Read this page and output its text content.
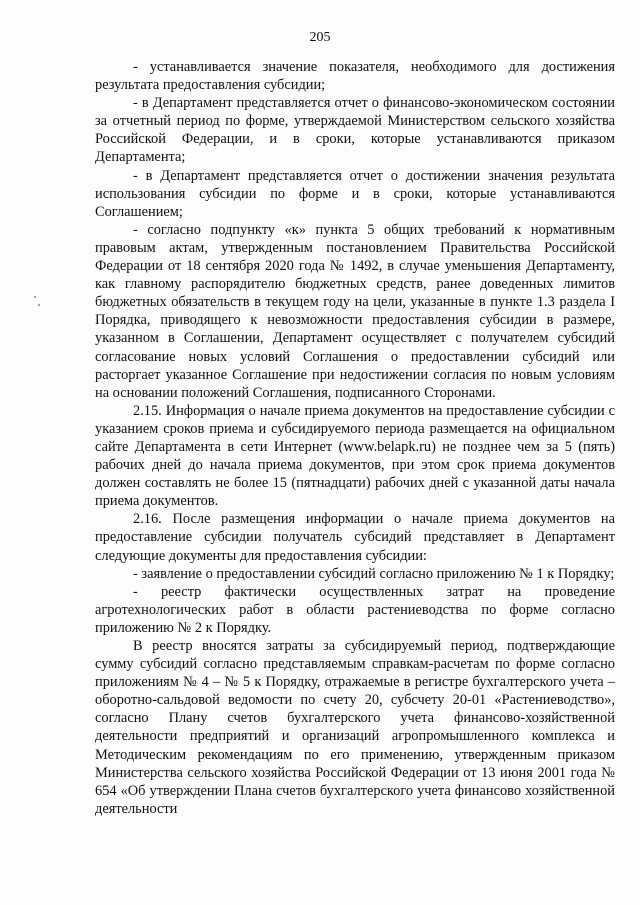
205

- устанавливается значение показателя, необходимого для достижения результата предоставления субсидии;

- в Департамент представляется отчет о финансово-экономическом состоянии за отчетный период по форме, утверждаемой Министерством сельского хозяйства Российской Федерации, и в сроки, которые устанавливаются приказом Департамента;

- в Департамент представляется отчет о достижении значения результата использования субсидии по форме и в сроки, которые устанавливаются Соглашением;

- согласно подпункту «к» пункта 5 общих требований к нормативным правовым актам, утвержденным постановлением Правительства Российской Федерации от 18 сентября 2020 года № 1492, в случае уменьшения Департаменту, как главному распорядителю бюджетных средств, ранее доведенных лимитов бюджетных обязательств в текущем году на цели, указанные в пункте 1.3 раздела I Порядка, приводящего к невозможности предоставления субсидии в размере, указанном в Соглашении, Департамент осуществляет с получателем субсидий согласование новых условий Соглашения о предоставлении субсидий или расторгает указанное Соглашение при недостижении согласия по новым условиям на основании положений Соглашения, подписанного Сторонами.

2.15. Информация о начале приема документов на предоставление субсидии с указанием сроков приема и субсидируемого периода размещается на официальном сайте Департамента в сети Интернет (www.belapk.ru) не позднее чем за 5 (пять) рабочих дней до начала приема документов, при этом срок приема документов должен составлять не более 15 (пятнадцати) рабочих дней с указанной даты начала приема документов.

2.16. После размещения информации о начале приема документов на предоставление субсидии получатель субсидий представляет в Департамент следующие документы для предоставления субсидии:

- заявление о предоставлении субсидий согласно приложению № 1 к Порядку;

- реестр фактически осуществленных затрат на проведение агротехнологических работ в области растениеводства по форме согласно приложению № 2 к Порядку.

В реестр вносятся затраты за субсидируемый период, подтверждающие сумму субсидий согласно представляемым справкам-расчетам по форме согласно приложениям № 4 – № 5 к Порядку, отражаемые в регистре бухгалтерского учета – оборотно-сальдовой ведомости по счету 20, субсчету 20-01 «Растениеводство», согласно Плану счетов бухгалтерского учета финансово-хозяйственной деятельности предприятий и организаций агропромышленного комплекса и Методическим рекомендациям по его применению, утвержденным приказом Министерства сельского хозяйства Российской Федерации от 13 июня 2001 года № 654 «Об утверждении Плана счетов бухгалтерского учета финансово хозяйственной деятельности
